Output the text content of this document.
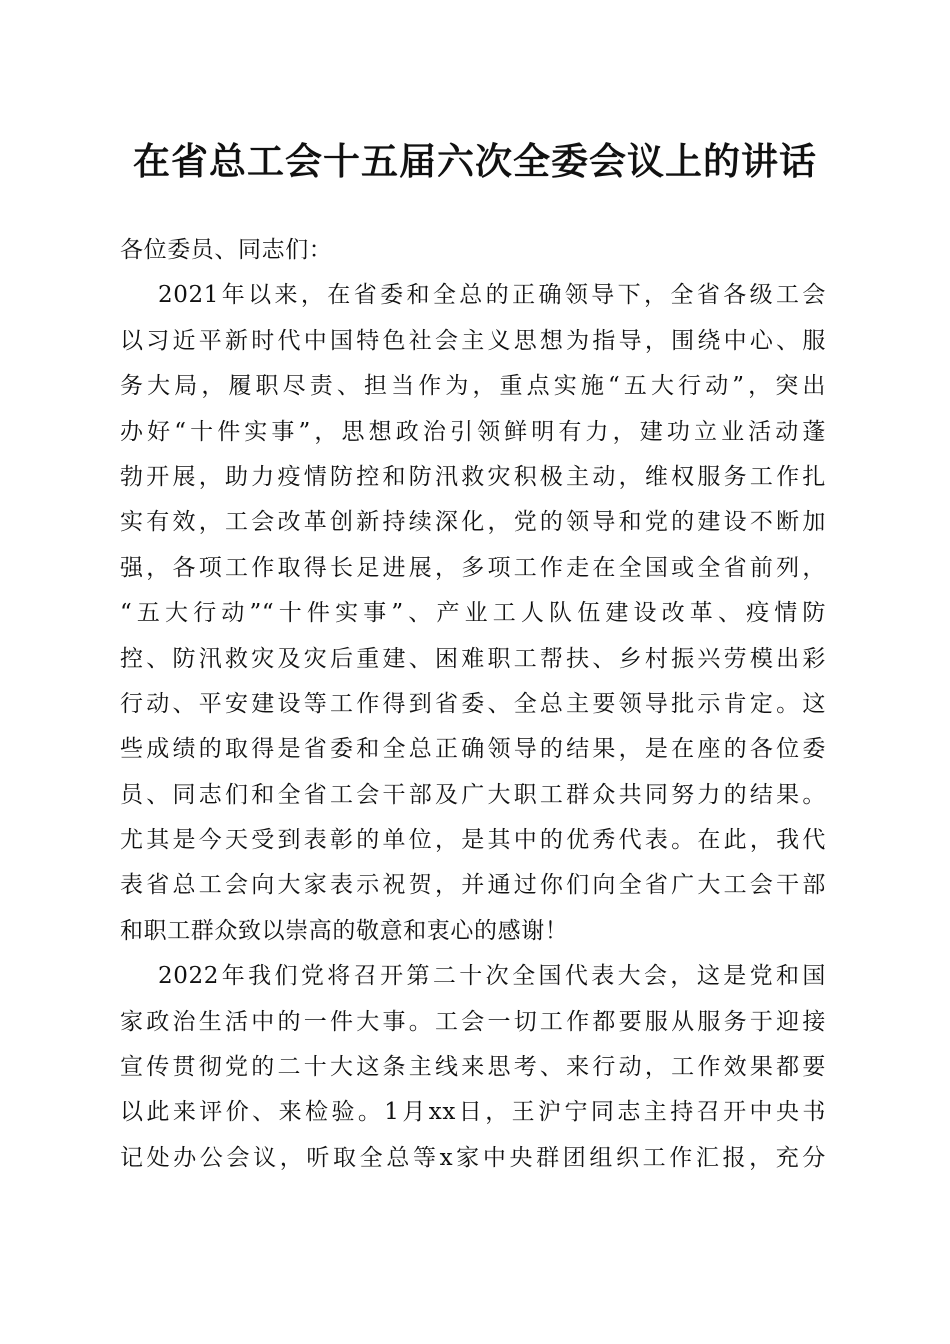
在省总工会十五届六次全委会议上的讲话
各位委员、同志们：
2021年以来，在省委和全总的正确领导下，全省各级工会
以习近平新时代中国特色社会主义思想为指导，围绕中心、服
务大局，履职尽责、担当作为，重点实施“五大行动”，突出
办好“十件实事”，思想政治引领鲜明有力，建功立业活动蓬
勃开展，助力疫情防控和防汛救灾积极主动，维权服务工作扎
实有效，工会改革创新持续深化，党的领导和党的建设不断加
强，各项工作取得长足进展，多项工作走在全国或全省前列，
“五大行动”“十件实事”、产业工人队伍建设改革、疫情防
控、防汛救灾及灾后重建、困难职工帮扶、乡村振兴劳模出彩
行动、平安建设等工作得到省委、全总主要领导批示肯定。这
些成绩的取得是省委和全总正确领导的结果，是在座的各位委
员、同志们和全省工会干部及广大职工群众共同努力的结果。
尤其是今天受到表彰的单位，是其中的优秀代表。在此，我代
表省总工会向大家表示祝贺，并通过你们向全省广大工会干部
和职工群众致以崇高的敬意和衷心的感谢！
2022年我们党将召开第二十次全国代表大会，这是党和国
家政治生活中的一件大事。工会一切工作都要服从服务于迎接
宣传贯彻党的二十大这条主线来思考、来行动，工作效果都要
以此来评价、来检验。1月xx日，王沪宁同志主持召开中央书
记处办公会议，听取全总等x家中央群团组织工作汇报，充分
